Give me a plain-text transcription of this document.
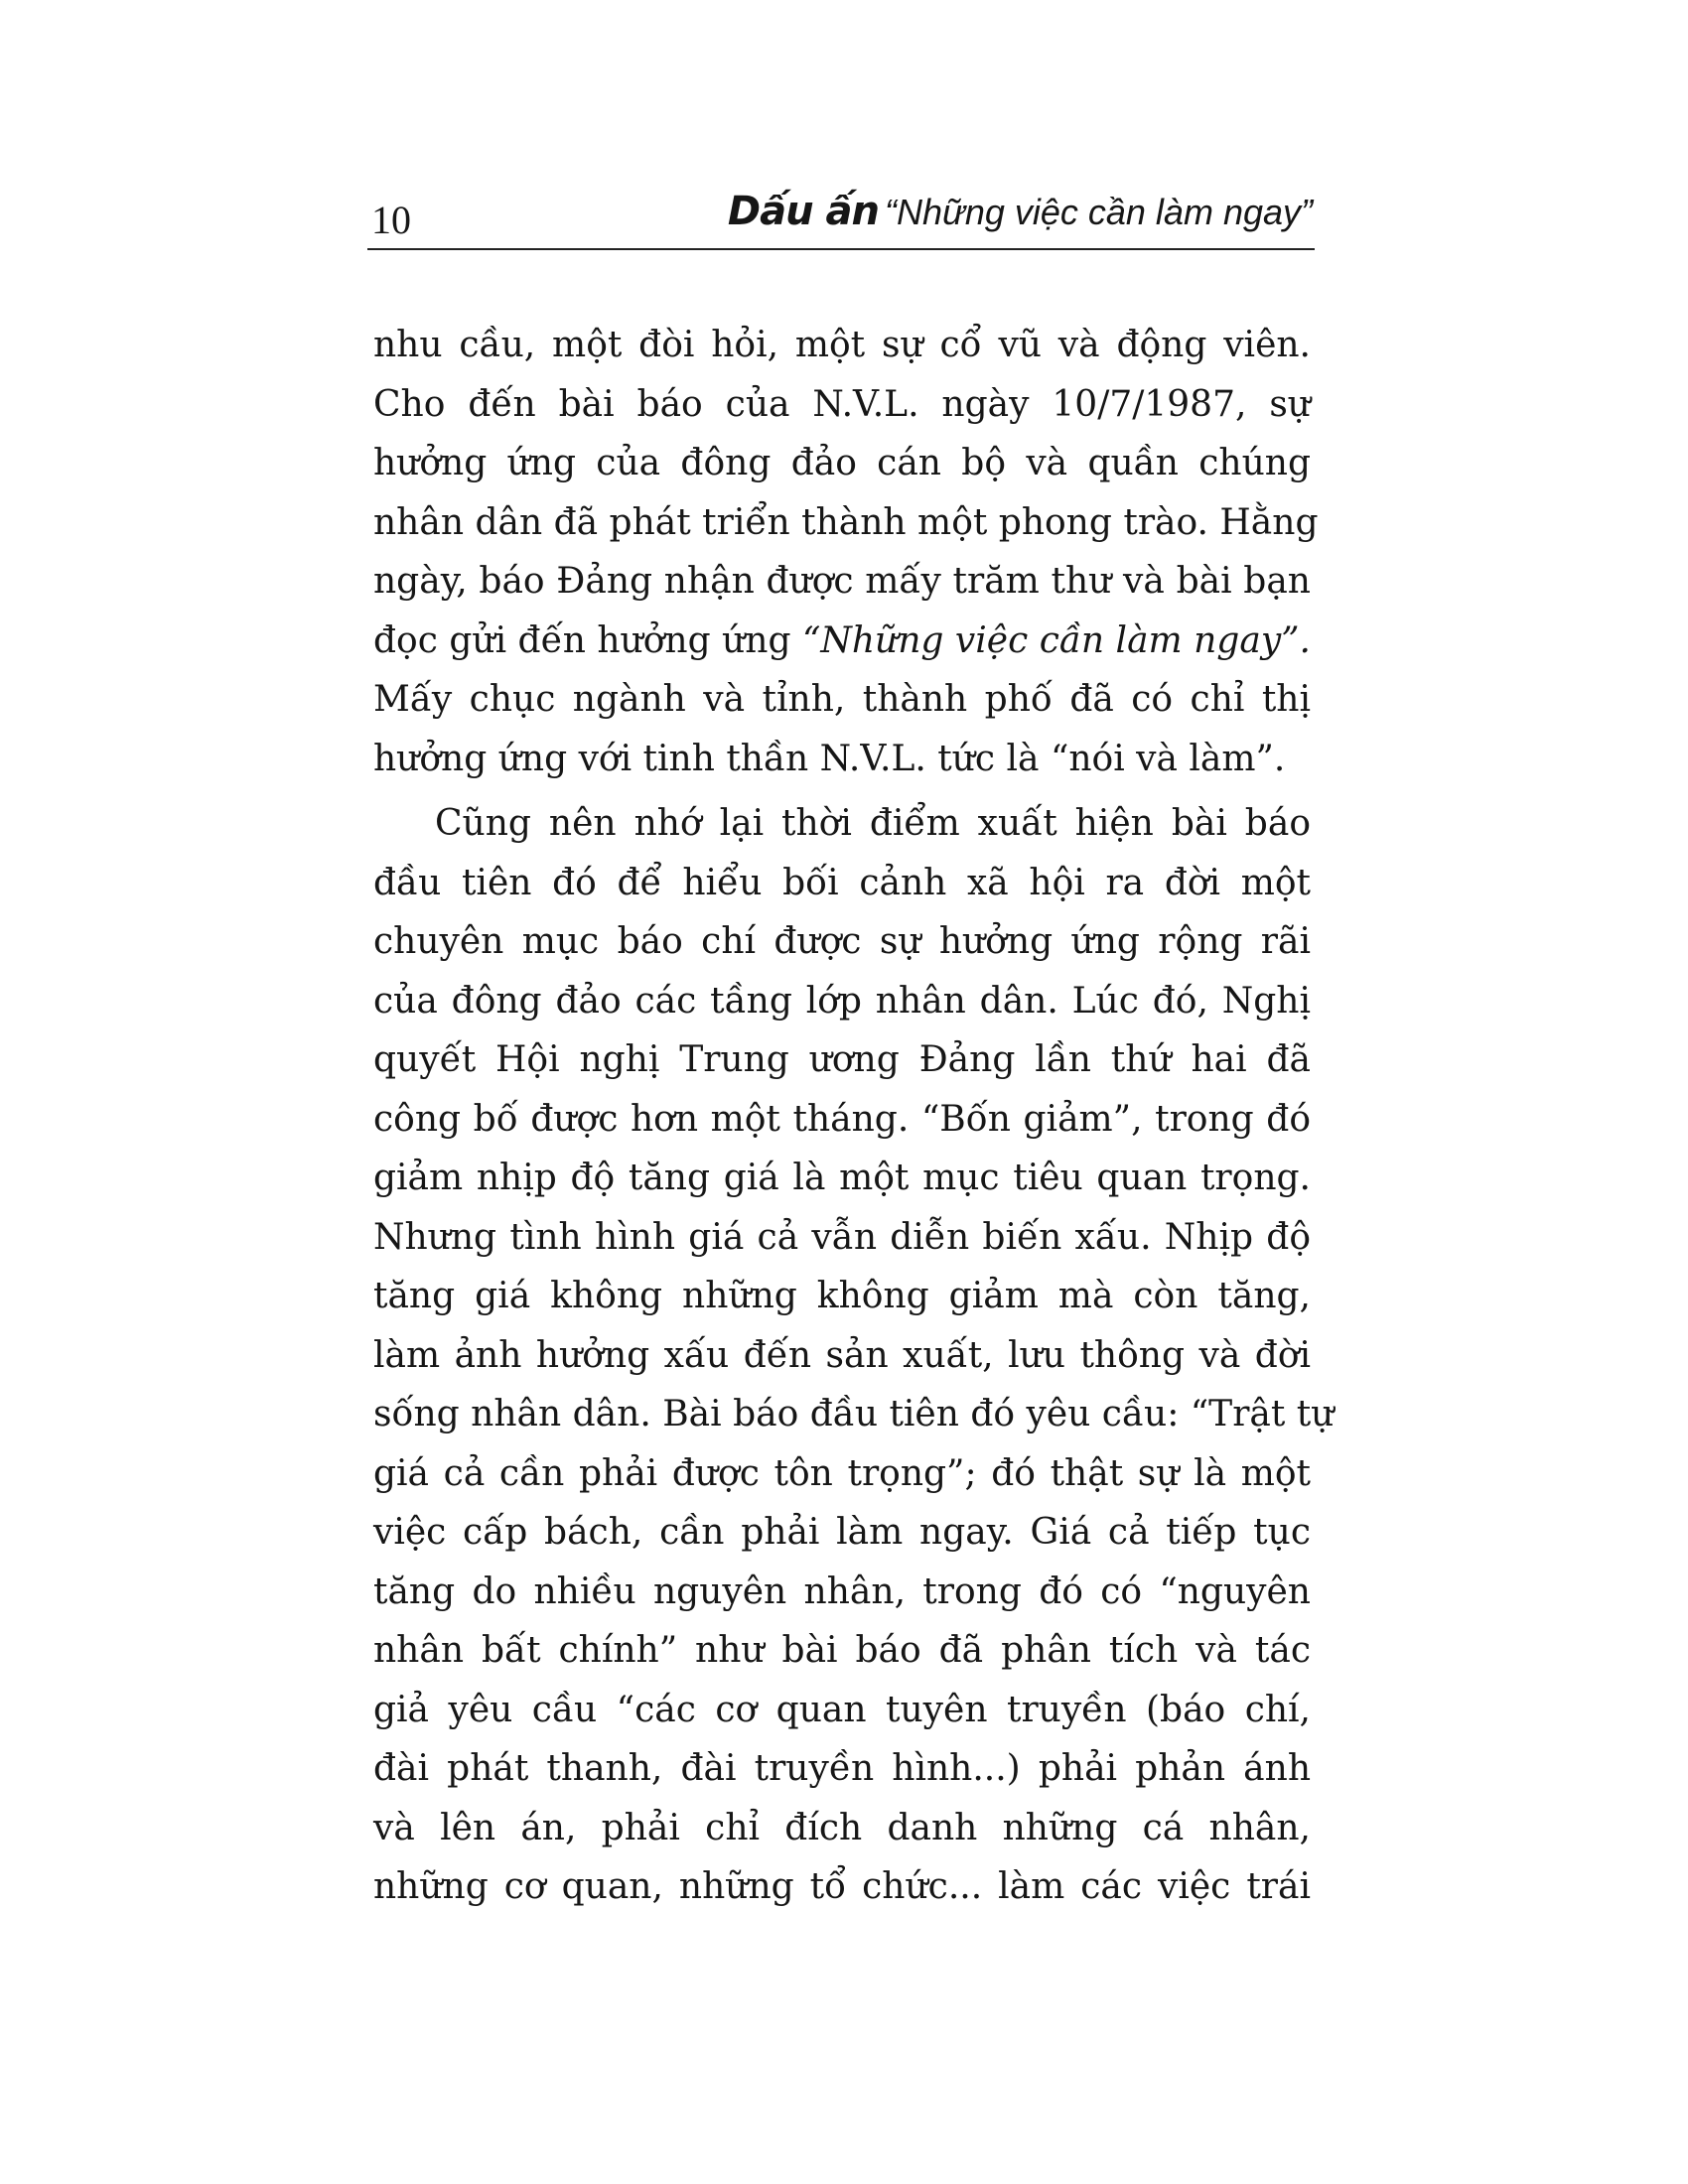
10	Dấu ấn “Những việc cần làm ngay”
nhu cầu, một đòi hỏi, một sự cổ vũ và động viên.
Cho đến bài báo của N.V.L. ngày 10/7/1987, sự
hưởng ứng của đông đảo cán bộ và quần chúng
nhân dân đã phát triển thành một phong trào. Hằng
ngày, báo Đảng nhận được mấy trăm thư và bài bạn
đọc gửi đến hưởng ứng “Những việc cần làm ngay”.
Mấy chục ngành và tỉnh, thành phố đã có chỉ thị
hưởng ứng với tinh thần N.V.L. tức là “nói và làm”.
Cũng nên nhớ lại thời điểm xuất hiện bài báo
đầu tiên đó để hiểu bối cảnh xã hội ra đời một
chuyên mục báo chí được sự hưởng ứng rộng rãi
của đông đảo các tầng lớp nhân dân. Lúc đó, Nghị
quyết Hội nghị Trung ương Đảng lần thứ hai đã
công bố được hơn một tháng. “Bốn giảm”, trong đó
giảm nhịp độ tăng giá là một mục tiêu quan trọng.
Nhưng tình hình giá cả vẫn diễn biến xấu. Nhịp độ
tăng giá không những không giảm mà còn tăng,
làm ảnh hưởng xấu đến sản xuất, lưu thông và đời
sống nhân dân. Bài báo đầu tiên đó yêu cầu: “Trật tự
giá cả cần phải được tôn trọng”; đó thật sự là một
việc cấp bách, cần phải làm ngay. Giá cả tiếp tục
tăng do nhiều nguyên nhân, trong đó có “nguyên
nhân bất chính” như bài báo đã phân tích và tác
giả yêu cầu “các cơ quan tuyên truyền (báo chí,
đài phát thanh, đài truyền hình...) phải phản ánh
và lên án, phải chỉ đích danh những cá nhân,
những cơ quan, những tổ chức... làm các việc trái
